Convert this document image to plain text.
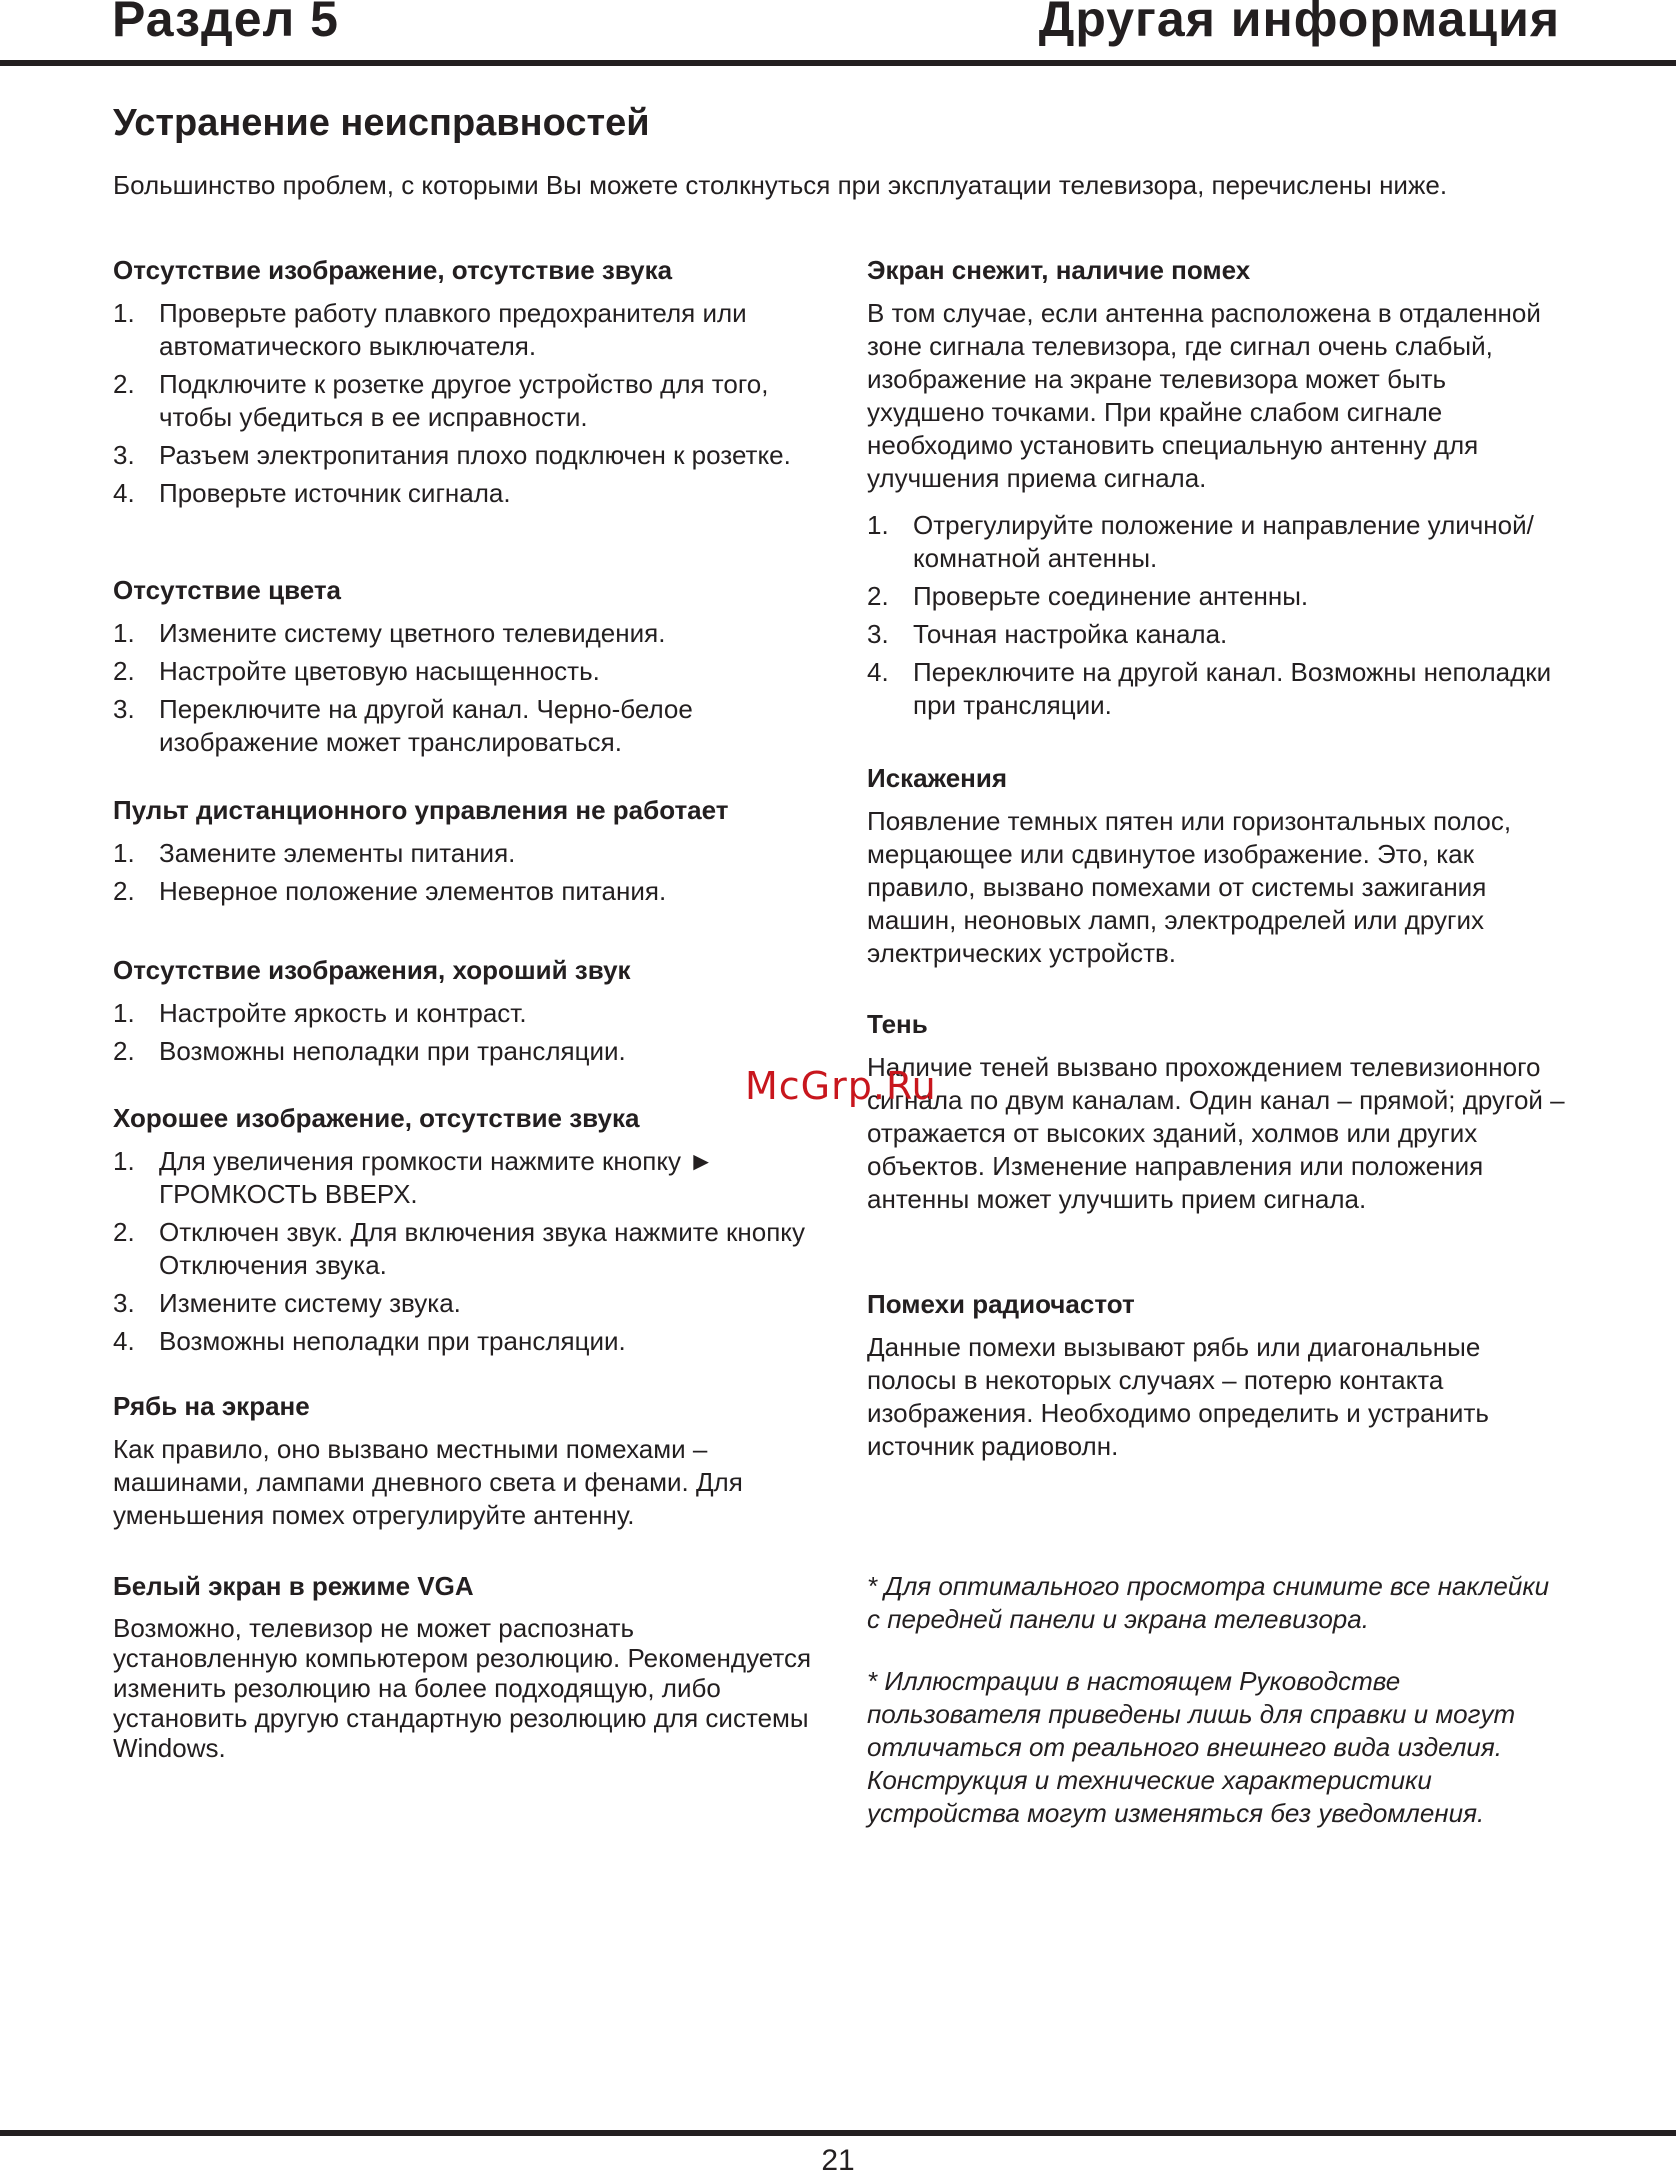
Раздел 5	Другая информация
Устранение неисправностей

Большинство проблем, с которыми Вы можете столкнуться при эксплуатации телевизора, перечислены ниже.

Отсутствие изображение, отсутствие звука
1. Проверьте работу плавкого предохранителя или автоматического выключателя.
2. Подключите к розетке другое устройство для того, чтобы убедиться в ее исправности.
3. Разъем электропитания плохо подключен к розетке.
4. Проверьте источник сигнала.
Отсутствие цвета
1. Измените систему цветного телевидения.
2. Настройте цветовую насыщенность.
3. Переключите на другой канал. Черно-белое изображение может транслироваться.
Пульт дистанционного управления не работает
1. Замените элементы питания.
2. Неверное положение элементов питания.
Отсутствие изображения, хороший звук
1. Настройте яркость и контраст.
2. Возможны неполадки при трансляции.
Хорошее изображение, отсутствие звука
1. Для увеличения громкости нажмите кнопку ► ГРОМКОСТЬ ВВЕРХ.
2. Отключен звук. Для включения звука нажмите кнопку Отключения звука.
3. Измените систему звука.
4. Возможны неполадки при трансляции.
Рябь на экране

Как правило, оно вызвано местными помехами – машинами, лампами дневного света и фенами. Для уменьшения помех отрегулируйте антенну.

Белый экран в режиме VGA

Возможно, телевизор не может распознать установленную компьютером резолюцию. Рекомендуется изменить резолюцию на более подходящую, либо установить другую стандартную резолюцию для системы Windows.

Экран снежит, наличие помех

В том случае, если антенна расположена в отдаленной зоне сигнала телевизора, где сигнал очень слабый, изображение на экране телевизора может быть ухудшено точками. При крайне слабом сигнале необходимо установить специальную антенну для улучшения приема сигнала.

1. Отрегулируйте положение и направление уличной/комнатной антенны.
2. Проверьте соединение антенны.
3. Точная настройка канала.
4. Переключите на другой канал. Возможны неполадки при трансляции.
Искажения

Появление темных пятен или горизонтальных полос, мерцающее или сдвинутое изображение. Это, как правило, вызвано помехами от системы зажигания машин, неоновых ламп, электродрелей или других электрических устройств.

Тень

Наличие теней вызвано прохождением телевизионного сигнала по двум каналам. Один канал – прямой; другой – отражается от высоких зданий, холмов или других объектов. Изменение направления или положения антенны может улучшить прием сигнала.

Помехи радиочастот

Данные помехи вызывают рябь или диагональные полосы в некоторых случаях – потерю контакта изображения. Необходимо определить и устранить источник радиоволн.

* Для оптимального просмотра снимите все наклейки с передней панели и экрана телевизора.

* Иллюстрации в настоящем Руководстве пользователя приведены лишь для справки и могут отличаться от реального внешнего вида изделия. Конструкция и технические характеристики устройства могут изменяться без уведомления.

McGrp.Ru
21
